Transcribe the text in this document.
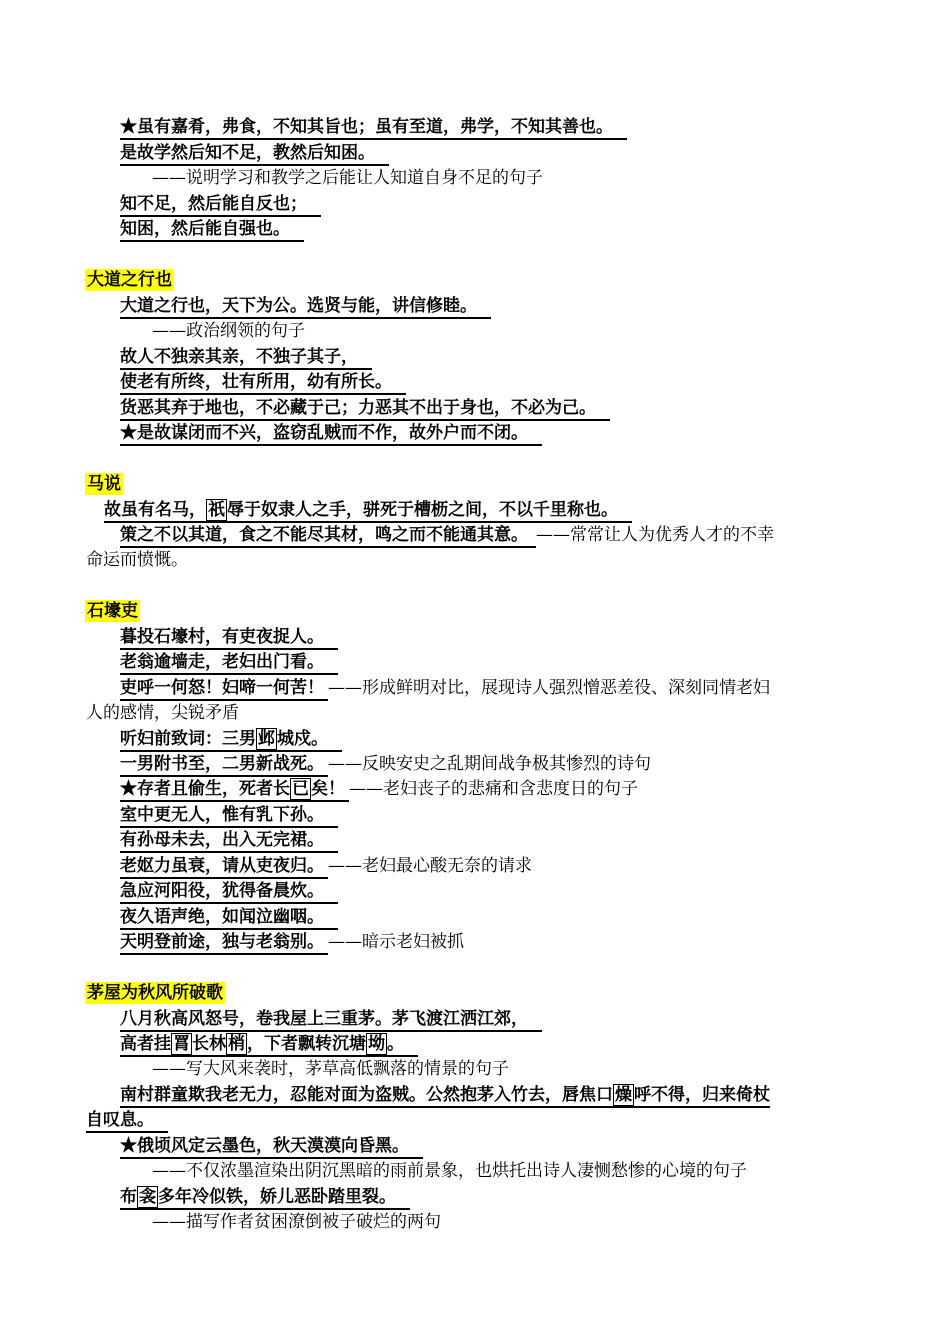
★虽有嘉肴，弗食，不知其旨也；虽有至道，弗学，不知其善也。
是故学然后知不足，教然后知困。
——说明学习和教学之后能让人知道自身不足的句子
知不足，然后能自反也；
知困，然后能自强也。
大道之行也
大道之行也，天下为公。选贤与能，讲信修睦。
——政治纲领的句子
故人不独亲其亲，不独子其子，
使老有所终，壮有所用，幼有所长。
货恶其弃于地也，不必藏于己；力恶其不出于身也，不必为己。
★是故谋闭而不兴，盗窃乱贼而不作，故外户而不闭。
马说
故虽有名马， 祇 辱于奴隶人之手，骈死于槽枥之间，不以千里称也。
策之不以其道，食之不能尽其材，鸣之而不能通其意。 ——常常让人为优秀人才的不幸
命运而愤慨。
石壕吏
暮投石壕村，有吏夜捉人。
老翁逾墙走，老妇出门看。
吏呼一何怒！妇啼一何苦！ ——形成鲜明对比，展现诗人强烈憎恶差役、深刻同情老妇
人的感情，尖锐矛盾
听妇前致词：三男 邺 城戍。
一男附书至，二男新战死。 ——反映安史之乱期间战争极其惨烈的诗句
★存者且偷生，死者长 已 矣！ ——老妇丧子的悲痛和含悲度日的句子
室中更无人，惟有乳下孙。
有孙母未去，出入无完裙。
老妪力虽衰，请从吏夜归。 ——老妇最心酸无奈的请求
急应河阳役，犹得备晨炊。
夜久语声绝，如闻泣幽咽。
天明登前途，独与老翁别。 ——暗示老妇被抓
茅屋为秋风所破歌
八月秋高风怒号，卷我屋上三重茅。茅飞渡江洒江郊，
高者挂 罥 长林 梢 ，下者飘转沉塘 坳 。
——写大风来袭时，茅草高低飘落的情景的句子
南村群童欺我老无力，忍能对面为盗贼。公然抱茅入竹去，唇焦口 燥 呼不得，归来倚杖
自叹息。
★俄顷风定云墨色，秋天漠漠向昏黑。
——不仅浓墨渲染出阴沉黑暗的雨前景象，也烘托出诗人凄恻愁惨的心境的句子
布 衾 多年冷似铁，娇儿恶卧踏里裂。
——描写作者贫困潦倒被子破烂的两句
